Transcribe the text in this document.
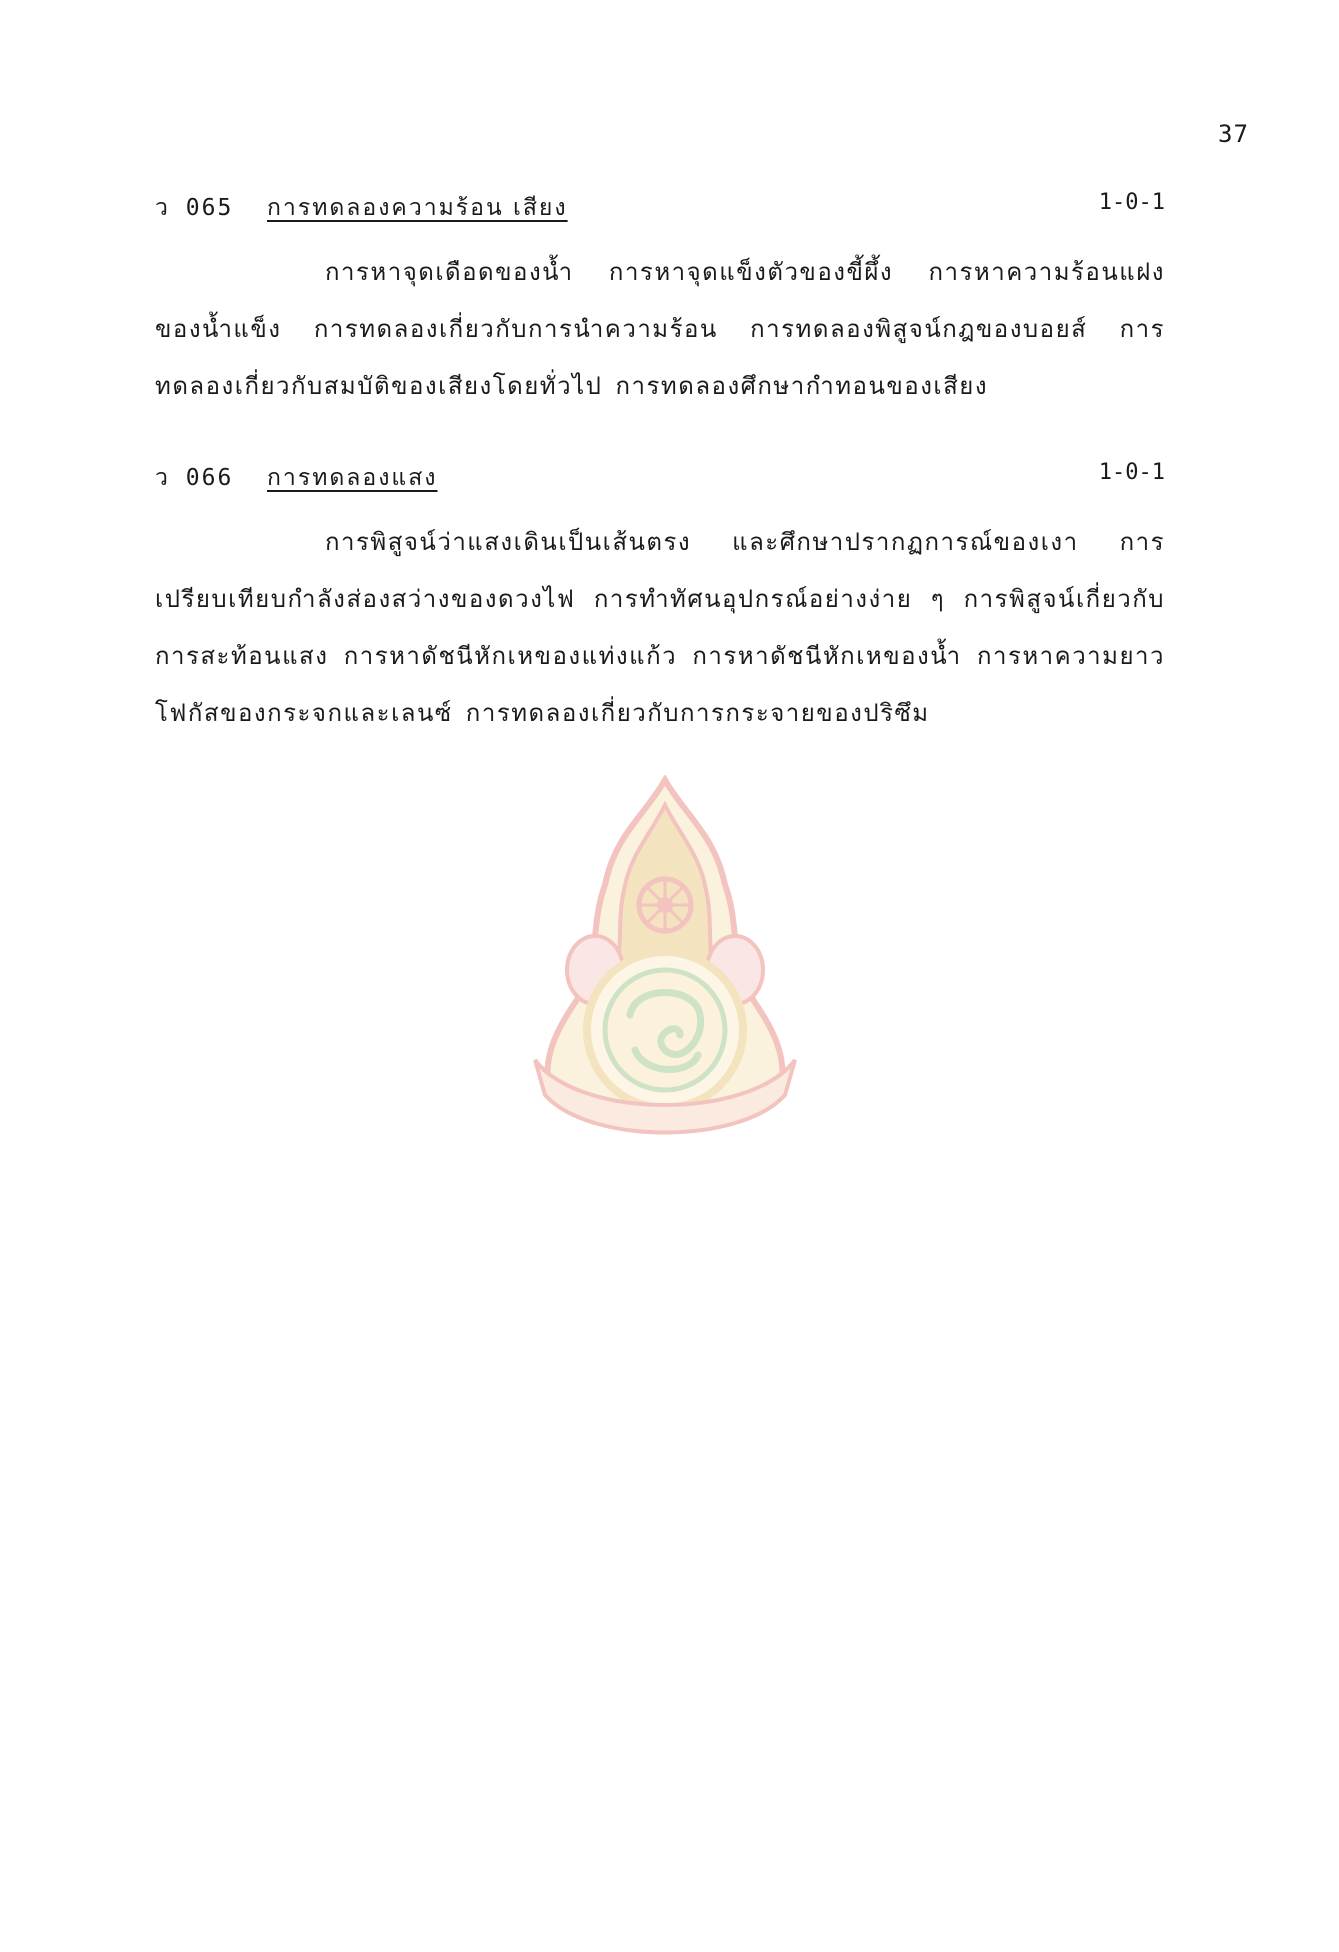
37
ว 065 การทดลองความร้อน เสียง	1-0-1

การหาจุดเดือดของน้ำ การหาจุดแข็งตัวของขี้ผึ้ง การหาความร้อนแฝงของน้ำแข็ง การทดลองเกี่ยวกับการนำความร้อน การทดลองพิสูจน์กฎของบอยส์ การทดลองเกี่ยวกับสมบัติของเสียงโดยทั่วไป การทดลองศึกษากำทอนของเสียง

ว 066 การทดลองแสง	1-0-1

การพิสูจน์ว่าแสงเดินเป็นเส้นตรง และศึกษาปรากฏการณ์ของเงา การเปรียบเทียบกำลังส่องสว่างของดวงไฟ การทำทัศนอุปกรณ์อย่างง่าย ๆ การพิสูจน์เกี่ยวกับการสะท้อนแสง การหาดัชนีหักเหของแท่งแก้ว การหาดัชนีหักเหของน้ำ การหาความยาวโฟกัสของกระจกและเลนซ์ การทดลองเกี่ยวกับการกระจายของปริซึม
